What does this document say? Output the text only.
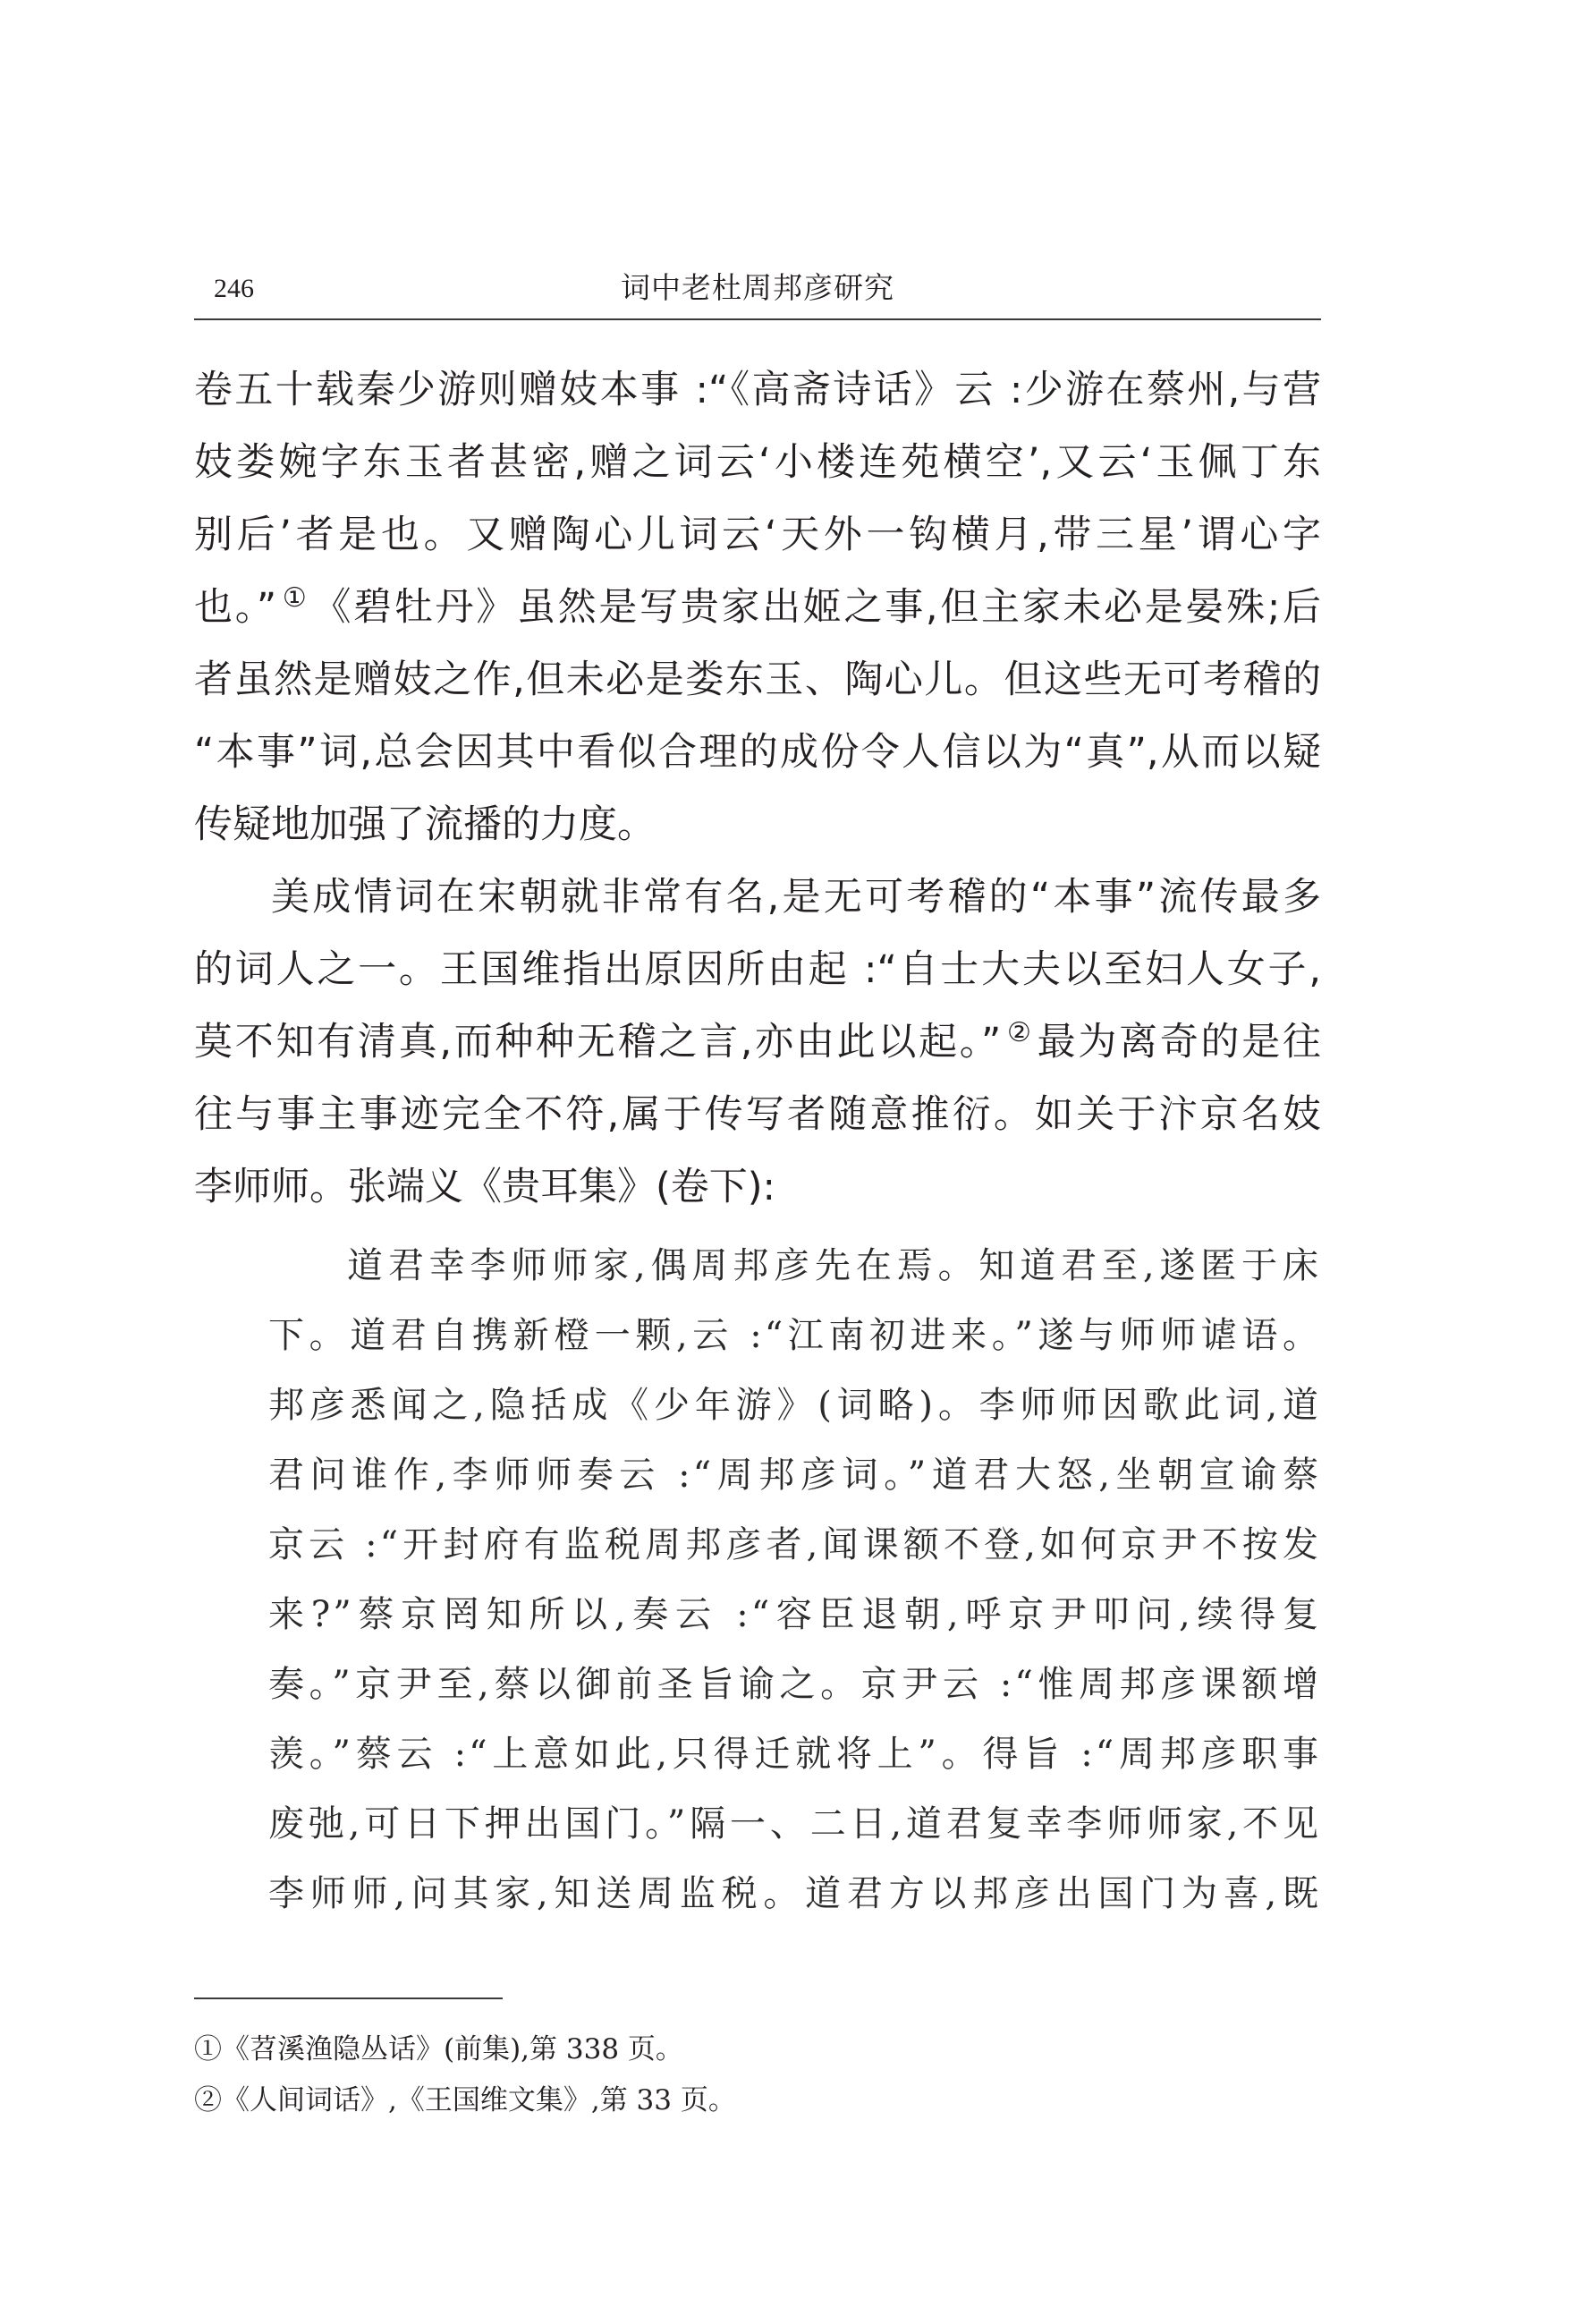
246	词中老杜周邦彦研究
卷五十载秦少游则赠妓本事 :“《高斋诗话》云 :少游在蔡州,与营
妓娄婉字东玉者甚密,赠之词云‘小楼连苑横空’,又云‘玉佩丁东
别后’者是也。又赠陶心儿词云‘天外一钩横月,带三星’谓心字
也。” ①《碧牡丹》虽然是写贵家出姬之事,但主家未必是晏殊;后
者虽然是赠妓之作,但未必是娄东玉、陶心儿。但这些无可考稽的
“本事”词,总会因其中看似合理的成份令人信以为“真”,从而以疑
传疑地加强了流播的力度。
美成情词在宋朝就非常有名,是无可考稽的“本事”流传最多
的词人之一。王国维指出原因所由起 :“自士大夫以至妇人女子,
莫不知有清真,而种种无稽之言,亦由此以起。” ②最为离奇的是往
往与事主事迹完全不符,属于传写者随意推衍。如关于汴京名妓
李师师。张端义《贵耳集》(卷下):
道君幸李师师家,偶周邦彦先在焉。知道君至,遂匿于床
下。道君自携新橙一颗,云 :“江南初进来。”遂与师师谑语。
邦彦悉闻之,隐括成《少年游》(词略)。李师师因歌此词,道
君问谁作,李师师奏云 :“周邦彦词。”道君大怒,坐朝宣谕蔡
京云 :“开封府有监税周邦彦者,闻课额不登,如何京尹不按发
来?”蔡京罔知所以,奏云 :“容臣退朝,呼京尹叩问,续得复
奏。”京尹至,蔡以御前圣旨谕之。京尹云 :“惟周邦彦课额增
羡。”蔡云 :“上意如此,只得迁就将上”。得旨 :“周邦彦职事
废弛,可日下押出国门。”隔一、二日,道君复幸李师师家,不见
李师师,问其家,知送周监税。道君方以邦彦出国门为喜,既
①《苕溪渔隐丛话》(前集),第 338 页。
②《人间词话》,《王国维文集》,第 33 页。
